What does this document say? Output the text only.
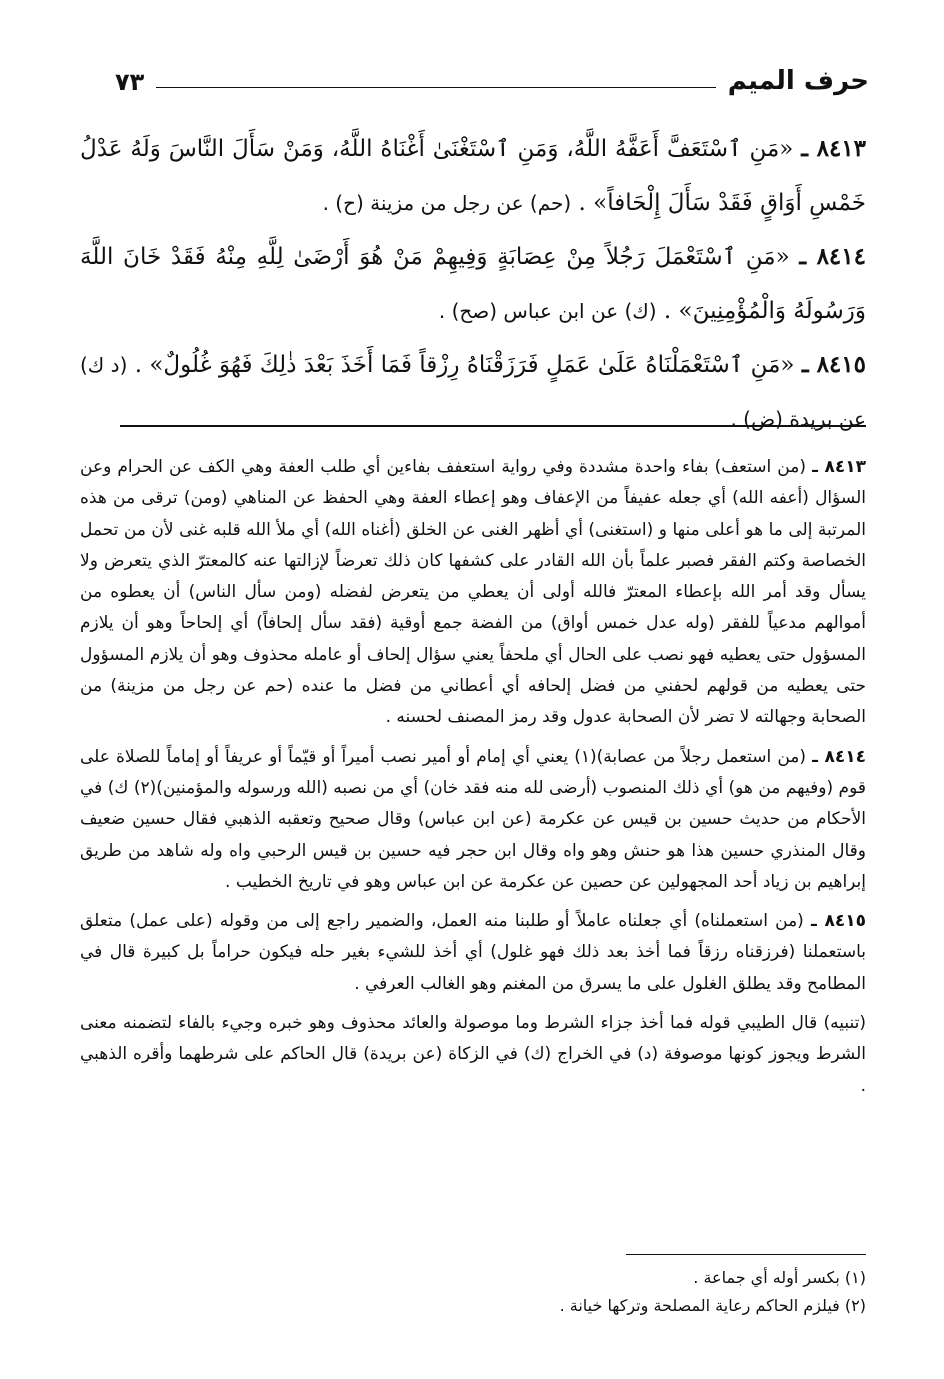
حرف الميم
٧٣

٨٤١٣ ـ «مَنِ ٱسْتَعَفَّ أَعَفَّهُ اللَّهُ، وَمَنِ ٱسْتَغْنَىٰ أَغْنَاهُ اللَّهُ، وَمَنْ سَأَلَ النَّاسَ وَلَهُ عَدْلُ خَمْسِ أَوَاقٍ فَقَدْ سَأَلَ إِلْحَافاً» . (حم) عن رجل من مزينة (ح) .

٨٤١٤ ـ «مَنِ ٱسْتَعْمَلَ رَجُلاً مِنْ عِصَابَةٍ وَفِيهِمْ مَنْ هُوَ أَرْضَىٰ لِلَّهِ مِنْهُ فَقَدْ خَانَ اللَّهَ وَرَسُولَهُ وَالْمُؤْمِنِينَ» . (ك) عن ابن عباس (صح) .

٨٤١٥ ـ «مَنِ ٱسْتَعْمَلْنَاهُ عَلَىٰ عَمَلٍ فَرَزَقْنَاهُ رِزْقاً فَمَا أَخَذَ بَعْدَ ذٰلِكَ فَهُوَ غُلُولٌ» . (د ك) عن بريدة (ض) .

٨٤١٣ ـ (من استعف) بفاء واحدة مشددة وفي رواية استعفف بفاءين أي طلب العفة وهي الكف عن الحرام وعن السؤال (أعفه الله) أي جعله عفيفاً من الإعفاف وهو إعطاء العفة وهي الحفظ عن المناهي (ومن) ترقى من هذه المرتبة إلى ما هو أعلى منها و (استغنى) أي أظهر الغنى عن الخلق (أغناه الله) أي ملأ الله قلبه غنى لأن من تحمل الخصاصة وكتم الفقر فصبر علماً بأن الله القادر على كشفها كان ذلك تعرضاً لإزالتها عنه كالمعترّ الذي يتعرض ولا يسأل وقد أمر الله بإعطاء المعترّ فالله أولى أن يعطي من يتعرض لفضله (ومن سأل الناس) أن يعطوه من أموالهم مدعياً للفقر (وله عدل خمس أواق) من الفضة جمع أوقية (فقد سأل إلحافاً) أي إلحاحاً وهو أن يلازم المسؤول حتى يعطيه فهو نصب على الحال أي ملحفاً يعني سؤال إلحاف أو عامله محذوف وهو أن يلازم المسؤول حتى يعطيه من قولهم لحفني من فضل إلحافه أي أعطاني من فضل ما عنده (حم عن رجل من مزينة) من الصحابة وجهالته لا تضر لأن الصحابة عدول وقد رمز المصنف لحسنه .

٨٤١٤ ـ (من استعمل رجلاً من عصابة)(١) يعني أي إمام أو أمير نصب أميراً أو قيّماً أو عريفاً أو إماماً للصلاة على قوم (وفيهم من هو) أي ذلك المنصوب (أرضى لله منه فقد خان) أي من نصبه (الله ورسوله والمؤمنين)(٢) ك) في الأحكام من حديث حسين بن قيس عن عكرمة (عن ابن عباس) وقال صحيح وتعقبه الذهبي فقال حسين ضعيف وقال المنذري حسين هذا هو حنش وهو واه وقال ابن حجر فيه حسين بن قيس الرحبي واه وله شاهد من طريق إبراهيم بن زياد أحد المجهولين عن حصين عن عكرمة عن ابن عباس وهو في تاريخ الخطيب .

٨٤١٥ ـ (من استعملناه) أي جعلناه عاملاً أو طلبنا منه العمل، والضمير راجع إلى من وقوله (على عمل) متعلق باستعملنا (فرزقناه رزقاً فما أخذ بعد ذلك فهو غلول) أي أخذ للشيء بغير حله فيكون حراماً بل كبيرة قال في المطامح وقد يطلق الغلول على ما يسرق من المغنم وهو الغالب العرفي .

(تنبيه) قال الطيبي قوله فما أخذ جزاء الشرط وما موصولة والعائد محذوف وهو خبره وجيء بالفاء لتضمنه معنى الشرط ويجوز كونها موصوفة (د) في الخراج (ك) في الزكاة (عن بريدة) قال الحاكم على شرطهما وأقره الذهبي .

(١) بكسر أوله أي جماعة .
(٢) فيلزم الحاكم رعاية المصلحة وتركها خيانة .
